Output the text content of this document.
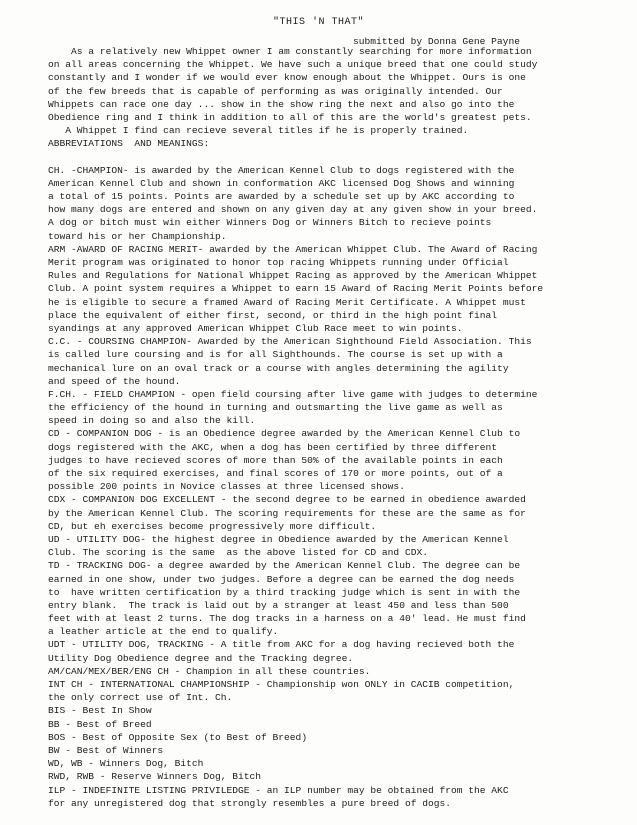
"THIS 'N THAT"
submitted by Donna Gene Payne
As a relatively new Whippet owner I am constantly searching for more information
on all areas concerning the Whippet. We have such a unique breed that one could study
constantly and I wonder if we would ever know enough about the Whippet. Ours is one
of the few breeds that is capable of performing as was originally intended. Our
Whippets can race one day ... show in the show ring the next and also go into the
Obedience ring and I think in addition to all of this are the world's greatest pets.
A Whippet I find can recieve several titles if he is properly trained.
ABBREVIATIONS  AND MEANINGS:
CH. -CHAMPION- is awarded by the American Kennel Club to dogs registered with the
American Kennel Club and shown in conformation AKC licensed Dog Shows and winning
a total of 15 points. Points are awarded by a schedule set up by AKC according to
how many dogs are entered and shown on any given day at any given show in your breed.
A dog or bitch must win either Winners Dog or Winners Bitch to recieve points
toward his or her Championship.
ARM -AWARD OF RACING MERIT- awarded by the American Whippet Club. The Award of Racing
Merit program was originated to honor top racing Whippets running under Official
Rules and Regulations for National Whippet Racing as approved by the American Whippet
Club. A point system requires a Whippet to earn 15 Award of Racing Merit Points before
he is eligible to secure a framed Award of Racing Merit Certificate. A Whippet must
place the equivalent of either first, second, or third in the high point final
syandings at any approved American Whippet Club Race meet to win points.
C.C. - COURSING CHAMPION- Awarded by the American Sighthound Field Association. This
is called lure coursing and is for all Sighthounds. The course is set up with a
mechanical lure on an oval track or a course with angles determining the agility
and speed of the hound.
F.CH. - FIELD CHAMPION - open field coursing after live game with judges to determine
the efficiency of the hound in turning and outsmarting the live game as well as
speed in doing so and also the kill.
CD - COMPANION DOG - is an Obedience degree awarded by the American Kennel Club to
dogs registered with the AKC, when a dog has been certified by three different
judges to have recieved scores of more than 50% of the available points in each
of the six required exercises, and final scores of 170 or more points, out of a
possible 200 points in Novice classes at three licensed shows.
CDX - COMPANION DOG EXCELLENT - the second degree to be earned in obedience awarded
by the American Kennel Club. The scoring requirements for these are the same as for
CD, but eh exercises become progressively more difficult.
UD - UTILITY DOG- the highest degree in Obedience awarded by the American Kennel
Club. The scoring is the same  as the above listed for CD and CDX.
TD - TRACKING DOG- a degree awarded by the American Kennel Club. The degree can be
earned in one show, under two judges. Before a degree can be earned the dog needs
to  have written certification by a third tracking judge which is sent in with the
entry blank.  The track is laid out by a stranger at least 450 and less than 500
feet with at least 2 turns. The dog tracks in a harness on a 40' lead. He must find
a leather article at the end to qualify.
UDT - UTILITY DOG, TRACKING - A title from AKC for a dog having recieved both the
Utility Dog Obedience degree and the Tracking degree.
AM/CAN/MEX/BER/ENG CH - Champion in all these countries.
INT CH - INTERNATIONAL CHAMPIONSHIP - Championship won ONLY in CACIB competition,
the only correct use of Int. Ch.
BIS - Best In Show
BB - Best of Breed
BOS - Best of Opposite Sex (to Best of Breed)
BW - Best of Winners
WD, WB - Winners Dog, Bitch
RWD, RWB - Reserve Winners Dog, Bitch
ILP - INDEFINITE LISTING PRIVILEDGE - an ILP number may be obtained from the AKC
for any unregistered dog that strongly resembles a pure breed of dogs.
